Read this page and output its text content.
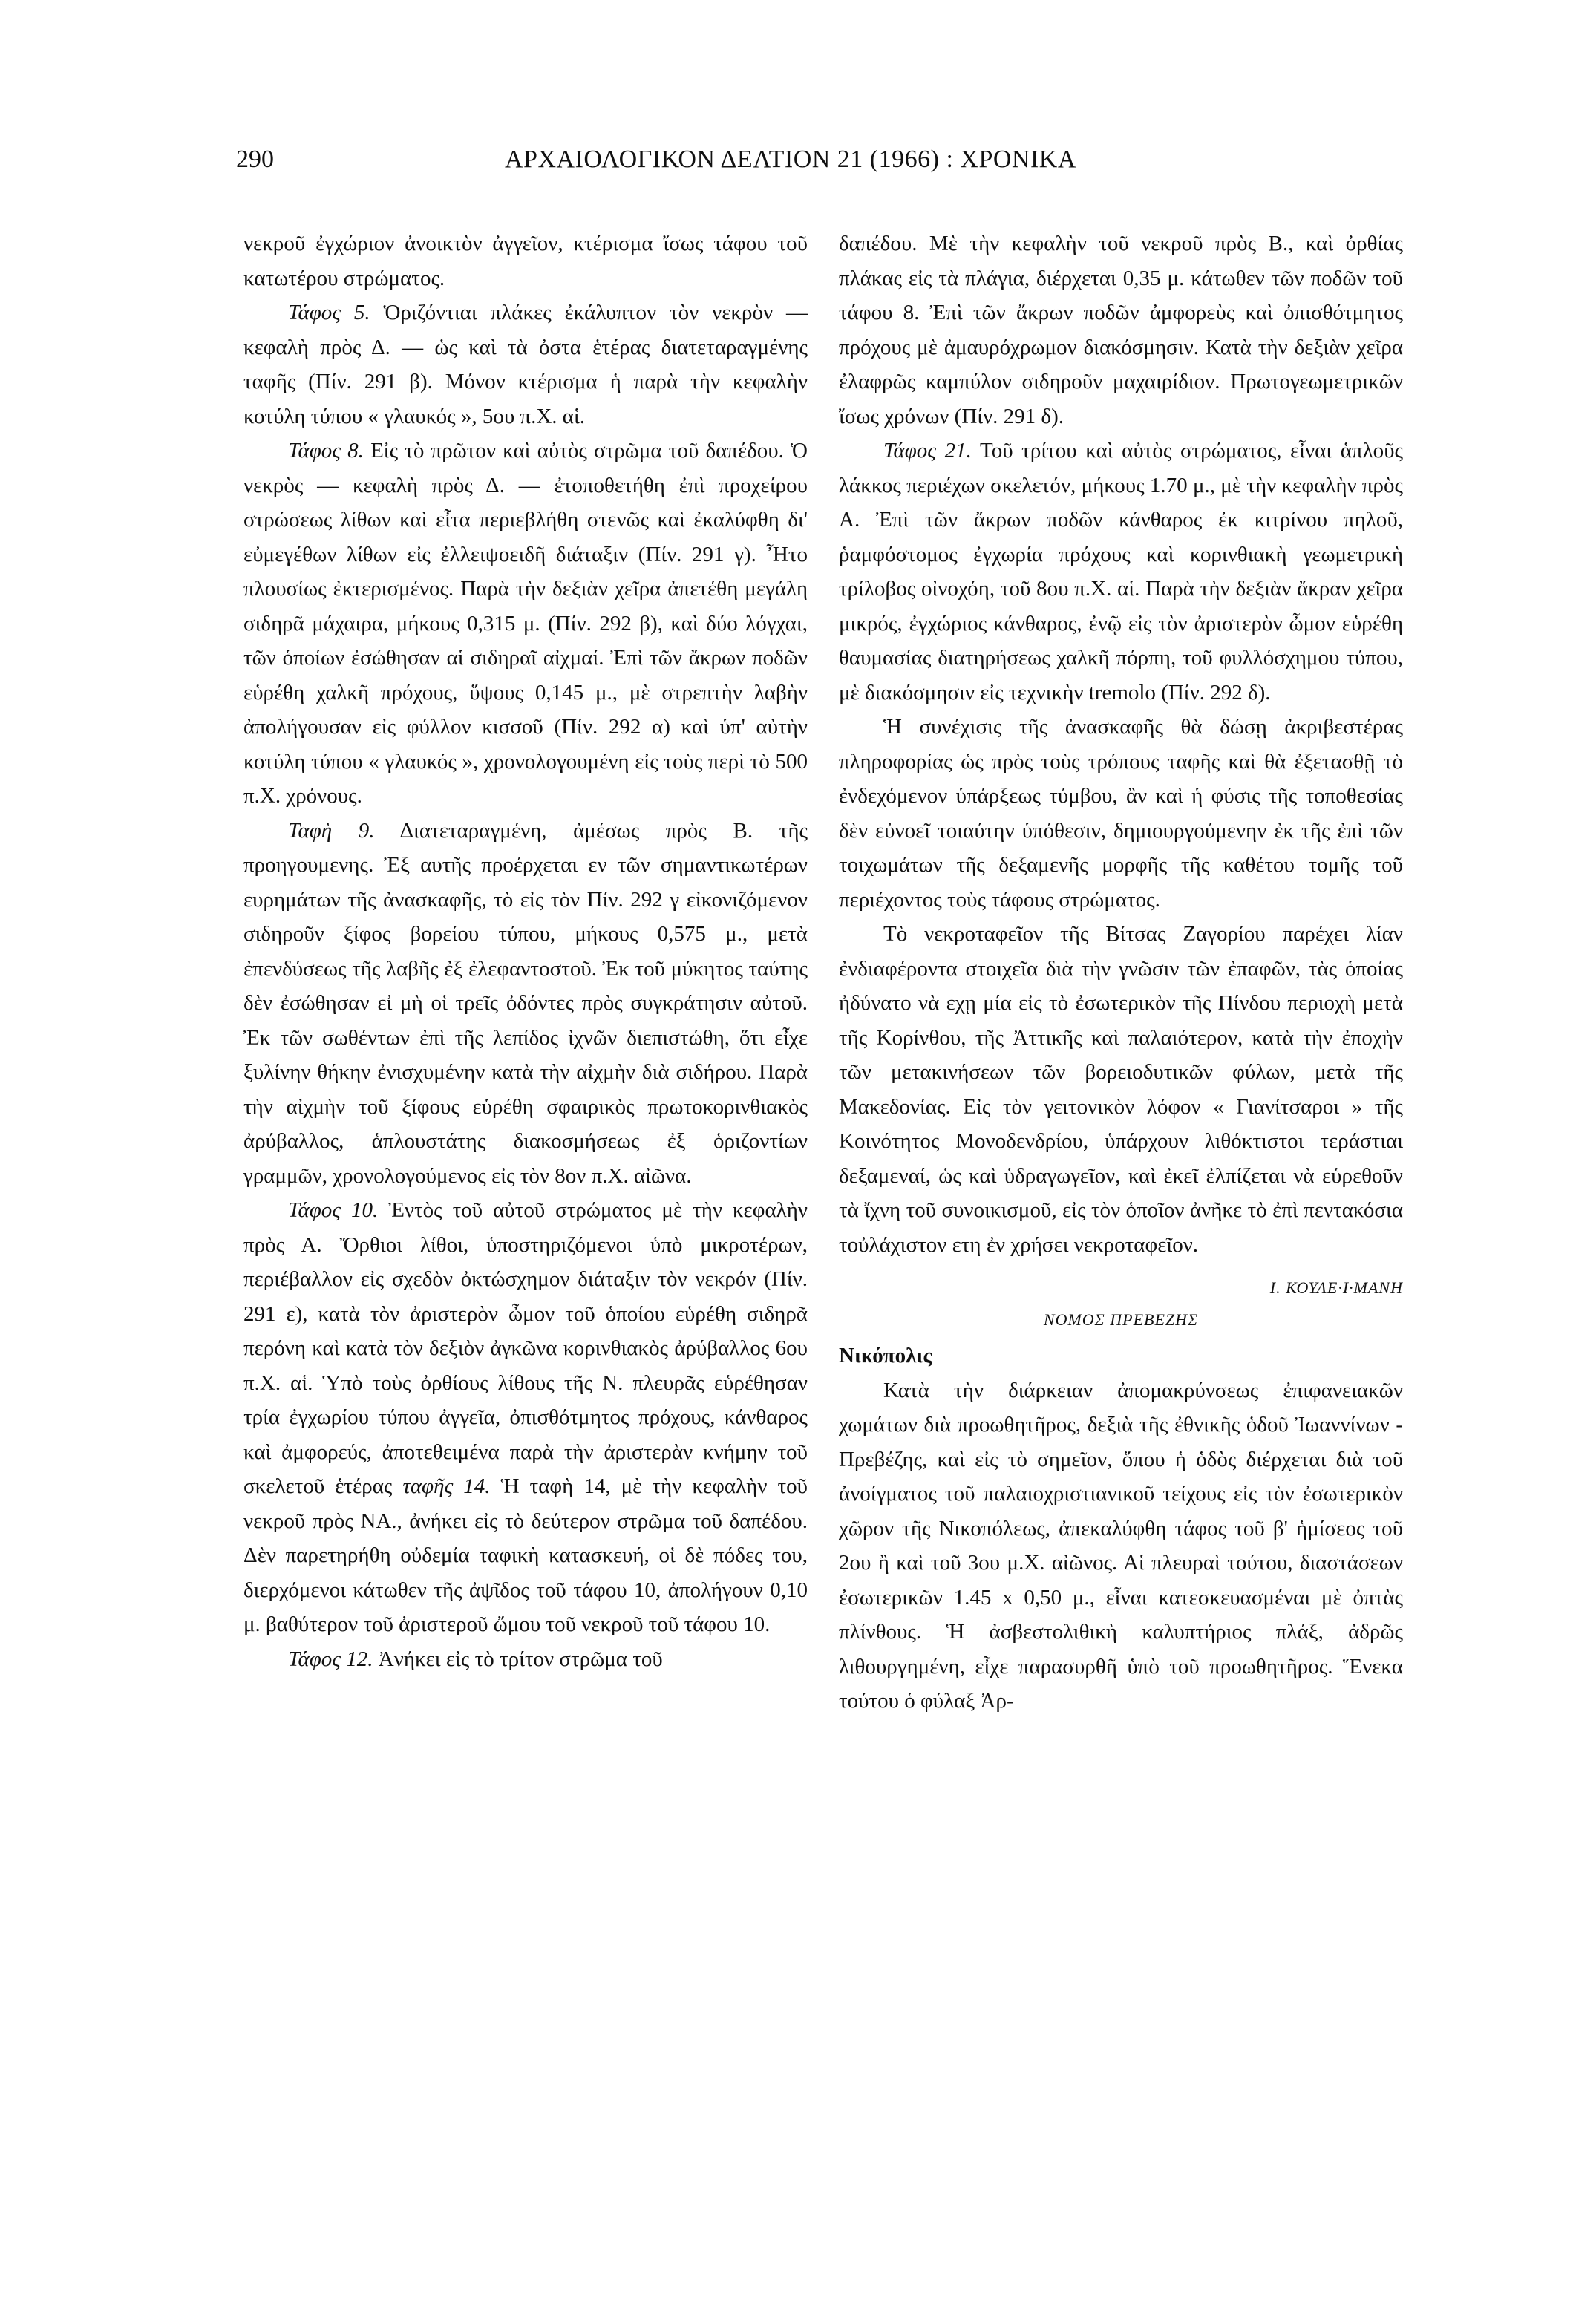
290	ΑΡΧΑΙΟΛΟΓΙΚΟΝ ΔΕΛΤΙΟΝ 21 (1966) : ΧΡΟΝΙΚΑ

νεκροῦ ἐγχώριον ἀνοικτὸν ἀγγεῖον, κτέρισμα ἴσως τάφου τοῦ κατωτέρου στρώματος.

Τάφος 5. Ὁριζόντιαι πλάκες ἐκάλυπτον τὸν νεκρὸν — κεφαλὴ πρὸς Δ. — ὡς καὶ τὰ ὀστα ἑτέρας διατεταραγμένης ταφῆς (Πίν. 291 β). Μόνον κτέρισμα ἡ παρὰ τὴν κεφαλὴν κοτύλη τύπου « γλαυκός », 5ου π.Χ. αἱ.

Τάφος 8. Εἰς τὸ πρῶτον καὶ αὐτὸς στρῶμα τοῦ δαπέδου. Ὁ νεκρὸς — κεφαλὴ πρὸς Δ. — ἐτοποθετήθη ἐπὶ προχείρου στρώσεως λίθων καὶ εἶτα περιεβλήθη στενῶς καὶ ἐκαλύφθη δι' εὐμεγέθων λίθων εἰς ἐλλειψοειδῆ διάταξιν (Πίν. 291 γ). Ἦτο πλουσίως ἐκτερισμένος. Παρὰ τὴν δεξιὰν χεῖρα ἀπετέθη μεγάλη σιδηρᾶ μάχαιρα, μήκους 0,315 μ. (Πίν. 292 β), καὶ δύο λόγχαι, τῶν ὁποίων ἐσώθησαν αἱ σιδηραῖ αἰχμαί. Ἐπὶ τῶν ἄκρων ποδῶν εὑρέθη χαλκῆ πρόχους, ὕψους 0,145 μ., μὲ στρεπτὴν λαβὴν ἀπολήγουσαν εἰς φύλλον κισσοῦ (Πίν. 292 α) καὶ ὑπ' αὐτὴν κοτύλη τύπου « γλαυκός », χρονολογουμένη εἰς τοὺς περὶ τὸ 500 π.Χ. χρόνους.

Ταφὴ 9. Διατεταραγμένη, ἀμέσως πρὸς Β. τῆς προηγουμενης. Ἐξ αυτῆς προέρχεται εν τῶν σημαντικωτέρων ευρημάτων τῆς ἀνασκαφῆς, τὸ εἰς τὸν Πίν. 292 γ εἰκονιζόμενον σιδηροῦν ξίφος βορείου τύπου, μήκους 0,575 μ., μετὰ ἐπενδύσεως τῆς λαβῆς ἐξ ἐλεφαντοστοῦ. Ἐκ τοῦ μύκητος ταύτης δὲν ἐσώθησαν εἰ μὴ οἱ τρεῖς ὀδόντες πρὸς συγκράτησιν αὐτοῦ. Ἐκ τῶν σωθέντων ἐπὶ τῆς λεπίδος ἰχνῶν διεπιστώθη, ὅτι εἶχε ξυλίνην θήκην ἐνισχυμένην κατὰ τὴν αἰχμὴν διὰ σιδήρου. Παρὰ τὴν αἰχμὴν τοῦ ξίφους εὑρέθη σφαιρικὸς πρωτοκορινθιακὸς ἀρύβαλλος, ἁπλουστάτης διακοσμήσεως ἐξ ὁριζοντίων γραμμῶν, χρονολογούμενος εἰς τὸν 8ον π.Χ. αἰῶνα.

Τάφος 10. Ἐντὸς τοῦ αὐτοῦ στρώματος μὲ τὴν κεφαλὴν πρὸς Α. Ὄρθιοι λίθοι, ὑποστηριζόμενοι ὑπὸ μικροτέρων, περιέβαλλον εἰς σχεδὸν ὀκτώσχημον διάταξιν τὸν νεκρόν (Πίν. 291 ε), κατὰ τὸν ἀριστερὸν ὦμον τοῦ ὁποίου εὑρέθη σιδηρᾶ περόνη καὶ κατὰ τὸν δεξιὸν ἀγκῶνα κορινθιακὸς ἀρύβαλλος 6ου π.Χ. αἱ. Ὑπὸ τοὺς ὀρθίους λίθους τῆς Ν. πλευρᾶς εὑρέθησαν τρία ἐγχωρίου τύπου ἀγγεῖα, ὀπισθότμητος πρόχους, κάνθαρος καὶ ἀμφορεύς, ἀποτεθειμένα παρὰ τὴν ἀριστερὰν κνήμην τοῦ σκελετοῦ ἑτέρας ταφῆς 14. Ἡ ταφὴ 14, μὲ τὴν κεφαλὴν τοῦ νεκροῦ πρὸς ΝΑ., ἀνήκει εἰς τὸ δεύτερον στρῶμα τοῦ δαπέδου. Δὲν παρετηρήθη οὐδεμία ταφικὴ κατασκευή, οἱ δὲ πόδες του, διερχόμενοι κάτωθεν τῆς ἀψῖδος τοῦ τάφου 10, ἀπολήγουν 0,10 μ. βαθύτερον τοῦ ἀριστεροῦ ὤμου τοῦ νεκροῦ τοῦ τάφου 10.

Τάφος 12. Ἀνήκει εἰς τὸ τρίτον στρῶμα τοῦ

δαπέδου. Μὲ τὴν κεφαλὴν τοῦ νεκροῦ πρὸς Β., καὶ ὀρθίας πλάκας εἰς τὰ πλάγια, διέρχεται 0,35 μ. κάτωθεν τῶν ποδῶν τοῦ τάφου 8. Ἐπὶ τῶν ἄκρων ποδῶν ἀμφορεὺς καὶ ὀπισθότμητος πρόχους μὲ ἀμαυρόχρωμον διακόσμησιν. Κατὰ τὴν δεξιὰν χεῖρα ἐλαφρῶς καμπύλον σιδηροῦν μαχαιρίδιον. Πρωτογεωμετρικῶν ἴσως χρόνων (Πίν. 291 δ).

Τάφος 21. Τοῦ τρίτου καὶ αὐτὸς στρώματος, εἶναι ἁπλοῦς λάκκος περιέχων σκελετόν, μήκους 1.70 μ., μὲ τὴν κεφαλὴν πρὸς Α. Ἐπὶ τῶν ἄκρων ποδῶν κάνθαρος ἐκ κιτρίνου πηλοῦ, ῥαμφόστομος ἐγχωρία πρόχους καὶ κορινθιακὴ γεωμετρικὴ τρίλοβος οἰνοχόη, τοῦ 8ου π.Χ. αἱ. Παρὰ τὴν δεξιὰν ἄκραν χεῖρα μικρός, ἐγχώριος κάνθαρος, ἐνῷ εἰς τὸν ἀριστερὸν ὦμον εὑρέθη θαυμασίας διατηρήσεως χαλκῆ πόρπη, τοῦ φυλλόσχημου τύπου, μὲ διακόσμησιν εἰς τεχνικὴν tremolo (Πίν. 292 δ).

Ἡ συνέχισις τῆς ἀνασκαφῆς θὰ δώσῃ ἀκριβεστέρας πληροφορίας ὡς πρὸς τοὺς τρόπους ταφῆς καὶ θὰ ἐξετασθῇ τὸ ἐνδεχόμενον ὑπάρξεως τύμβου, ἂν καὶ ἡ φύσις τῆς τοποθεσίας δὲν εὐνοεῖ τοιαύτην ὑπόθεσιν, δημιουργούμενην ἐκ τῆς ἐπὶ τῶν τοιχωμάτων τῆς δεξαμενῆς μορφῆς τῆς καθέτου τομῆς τοῦ περιέχοντος τοὺς τάφους στρώματος.

Τὸ νεκροταφεῖον τῆς Βίτσας Ζαγορίου παρέχει λίαν ἐνδιαφέροντα στοιχεῖα διὰ τὴν γνῶσιν τῶν ἐπαφῶν, τὰς ὁποίας ἠδύνατο νὰ εχῃ μία εἰς τὸ ἐσωτερικὸν τῆς Πίνδου περιοχὴ μετὰ τῆς Κορίνθου, τῆς Ἀττικῆς καὶ παλαιότερον, κατὰ τὴν ἐποχὴν τῶν μετακινήσεων τῶν βορειοδυτικῶν φύλων, μετὰ τῆς Μακεδονίας. Εἰς τὸν γειτονικὸν λόφον « Γιανίτσαροι » τῆς Κοινότητος Μονοδενδρίου, ὑπάρχουν λιθόκτιστοι τεράστιαι δεξαμεναί, ὡς καὶ ὑδραγωγεῖον, καὶ ἐκεῖ ἐλπίζεται νὰ εὑρεθοῦν τὰ ἴχνη τοῦ συνοικισμοῦ, εἰς τὸν ὁποῖον ἀνῆκε τὸ ἐπὶ πεντακόσια τοὐλάχιστον ετη ἐν χρήσει νεκροταφεῖον.

Ι. ΚΟΥΛΕ·Ι·ΜΑΝΗ
ΝΟΜΟΣ ΠΡΕΒΕΖΗΣ
Νικόπολις

Κατὰ τὴν διάρκειαν ἀπομακρύνσεως ἐπιφανειακῶν χωμάτων διὰ προωθητῆρος, δεξιὰ τῆς ἐθνικῆς ὁδοῦ Ἰωαννίνων - Πρεβέζης, καὶ εἰς τὸ σημεῖον, ὅπου ἡ ὁδὸς διέρχεται διὰ τοῦ ἀνοίγματος τοῦ παλαιοχριστιανικοῦ τείχους εἰς τὸν ἐσωτερικὸν χῶρον τῆς Νικοπόλεως, ἀπεκαλύφθη τάφος τοῦ β' ἡμίσεος τοῦ 2ου ἢ καὶ τοῦ 3ου μ.Χ. αἰῶνος. Αἱ πλευραὶ τούτου, διαστάσεων ἐσωτερικῶν 1.45 x 0,50 μ., εἶναι κατεσκευασμέναι μὲ ὀπτὰς πλίνθους. Ἡ ἀσβεστολιθικὴ καλυπτήριος πλάξ, ἀδρῶς λιθουργημένη, εἶχε παρασυρθῆ ὑπὸ τοῦ προωθητῆρος. Ἕνεκα τούτου ὁ φύλαξ Ἀρ-
